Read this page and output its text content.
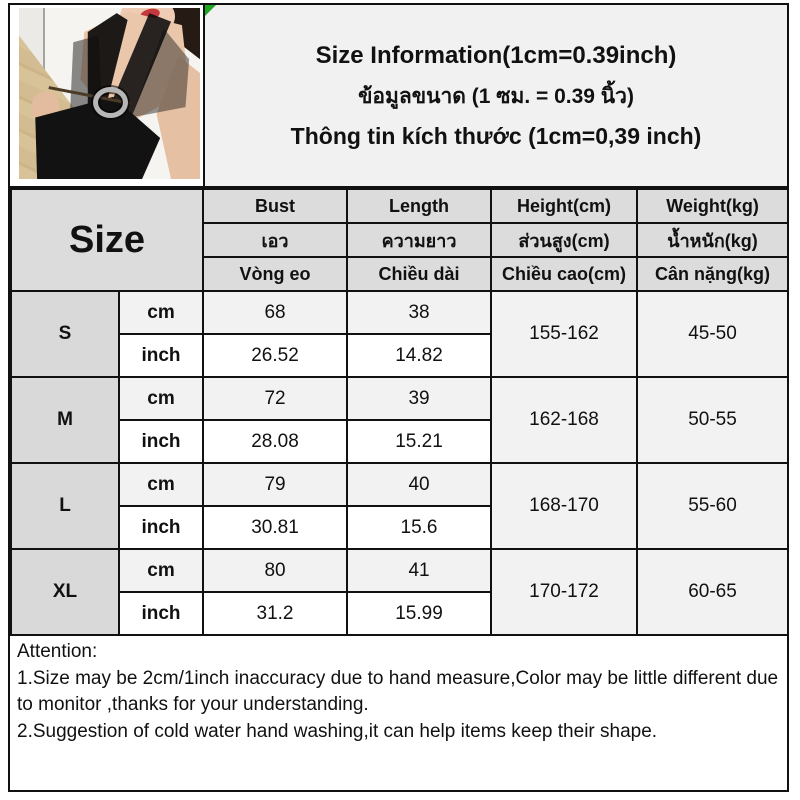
Size Information(1cm=0.39inch)
ข้อมูลขนาด (1 ซม. = 0.39 นิ้ว)
Thông tin kích thước (1cm=0,39 inch)
Size		Bust	Length	Height(cm)	Weight(kg)
		เอว	ความยาว	ส่วนสูง(cm)	น้ำหนัก(kg)
		Vòng eo	Chiều dài	Chiều cao(cm)	Cân nặng(kg)
S	cm	68	38	155-162	45-50
	inch	26.52	14.82		
M	cm	72	39	162-168	50-55
	inch	28.08	15.21		
L	cm	79	40	168-170	55-60
	inch	30.81	15.6		
XL	cm	80	41	170-172	60-65
	inch	31.2	15.99		
Attention:
1.Size may be 2cm/1inch inaccuracy due to hand measure,Color may be little different due to monitor ,thanks for your understanding.
2.Suggestion of cold water hand washing,it can help items keep their shape.
